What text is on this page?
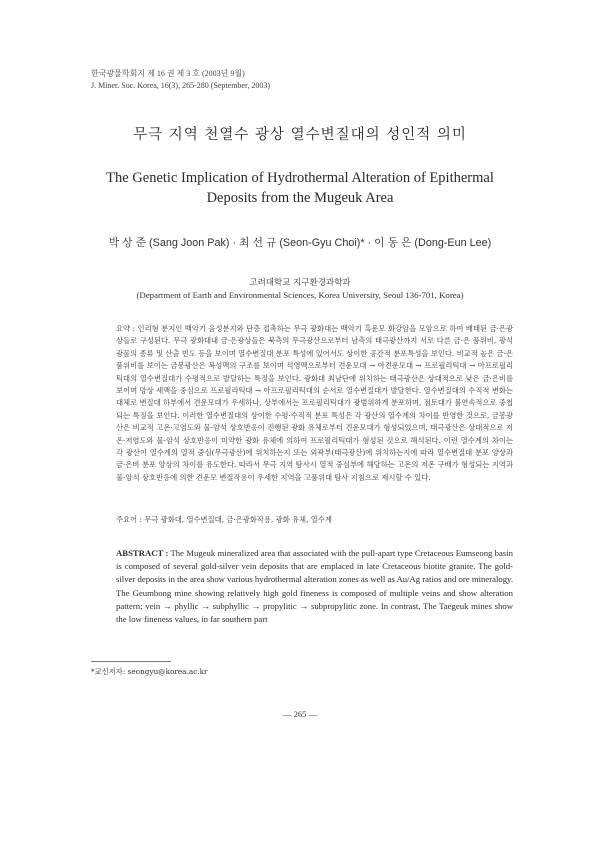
한국광물학회지 제 16 권 제 3 호 (2003년 9월)
J. Miner. Soc. Korea, 16(3), 265-280 (September, 2003)
무극 지역 천열수 광상 열수변질대의 성인적 의미
The Genetic Implication of Hydrothermal Alteration of Epithermal
Deposits from the Mugeuk Area
박 상 준 (Sang Joon Pak) · 최 선 규 (Seon-Gyu Choi)* · 이 동 은 (Dong-Eun Lee)
고려대학교 지구환경과학과
(Department of Earth and Environmental Sciences, Korea University, Seoul 136-701, Korea)
요약 : 인리형 분지인 백악기 음성분지와 단층 접촉하는 무극 광화대는 백악기 흑운모 화강암을 모암으로 하여 배태된 금·은광상들로 구성된다. 무극 광화대내 금·은광상들은 북측의 무극광산으로부터 남측의 태극광산까지 서로 다른 금·은 품위비, 광석광물의 종류 및 산출 빈도 등을 보이며 열수변질대 분포 특성에 있어서도 상이한 공간적 분포특성을 보인다. 비교적 높은 금·은 품위비를 보이는 금봉광산은 복성맥의 구조를 보이며 석영맥으로부터 견운모대 → 아견운모대 → 프로필리틱대 → 아프로필리틱대의 열수변질대가 수평적으로 발달하는 특징을 보인다. 광화대 최남단에 위치하는 태극광산은 상대적으로 낮은 금·은비를 보이며 망상 세맥을 중심으로 프로필리틱대 → 아프로필리틱대의 순서로 열수변질대가 발달한다. 열수변질대의 수직적 변화는 대체로 변질대 하부에서 견운모대가 우세하나, 상부에서는 프로필리틱대가 광범위하게 분포하며, 점토대가 불연속적으로 중첩되는 특징을 보인다. 이러한 열수변질대의 상이한 수평·수직적 분포 특성은 각 광산의 열수계의 차이를 반영한 것으로, 금봉광산은 비교적 고온·고염도와 물-암석 상호반응이 진행된 광화 유체로부터 견운모대가 형성되었으며, 태극광산은 상대적으로 저온·저염도와 물-암석 상호반응이 미약한 광화 유체에 의하여 프로필리틱대가 형성된 것으로 해석된다. 이런 열수계의 차이는 각 광산이 열수계의 열적 중심(무극광산)에 위치하는지 또는 외곽부(태극광산)에 위치하는지에 따라 열수변질대 분포 양상과 금·은비 분포 양상의 차이를 유도한다. 따라서 무극 지역 탐사시 열적 중심부에 해당하는 고온의 저온 구배가 형성되는 지역과 물-암석 상호반응에 의한 견운모 변질작용이 우세한 지역을 고품위대 탐사 지침으로 제시할 수 있다.
주요어 : 무극 광화대, 열수변질대, 금·은광화작용, 광화 유체, 열수계
ABSTRACT : The Mugeuk mineralized area that associated with the pull-apart type Cretaceous Eumseong basin is composed of several gold-silver vein deposits that are emplaced in late Cretaceous biotite granite. The gold-silver deposits in the area show various hydrothermal alteration zones as well as Au/Ag ratios and ore mineralogy. The Geumbong mine showing relatively high gold fineness is composed of multiple veins and show alteration pattern; vein → phyllic → subphyllic → propylitic → subpropylitic zone. In contrast, The Taegeuk mines show the low fineness values, in far southern part
*교신저자: seongyu@korea.ac.kr
— 265 —
